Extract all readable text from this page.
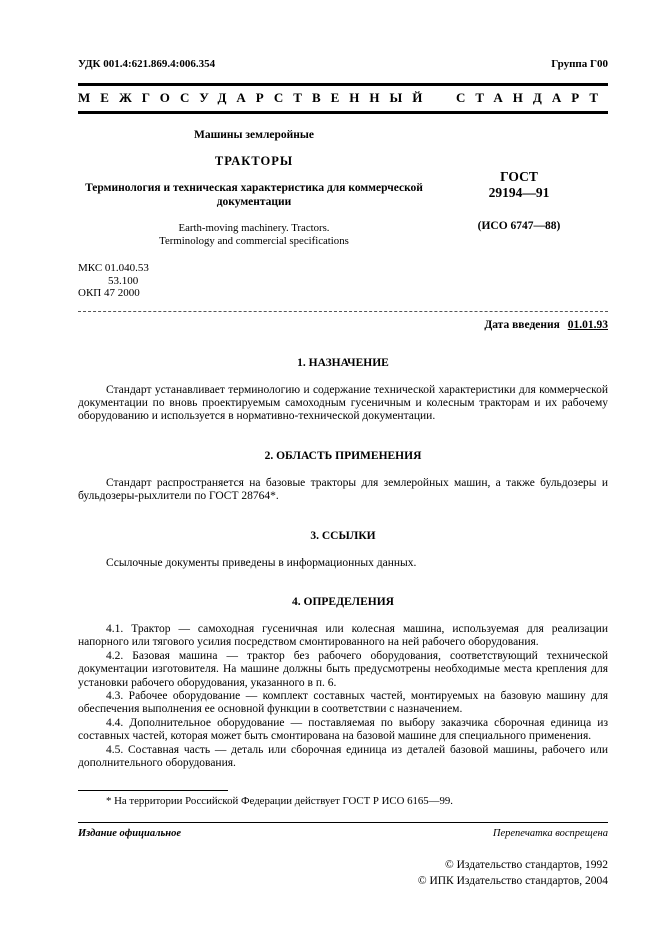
УДК 001.4:621.869.4:006.354	Группа Г00
МЕЖГОСУДАРСТВЕННЫЙ СТАНДАРТ
Машины землеройные
ТРАКТОРЫ
Терминология и техническая характеристика для коммерческой документации
Earth-moving machinery. Tractors.
Terminology and commercial specifications
ГОСТ
29194—91
(ИСО 6747—88)
МКС 01.040.53
53.100
ОКП 47 2000
Дата введения 01.01.93
1. НАЗНАЧЕНИЕ

Стандарт устанавливает терминологию и содержание технической характеристики для коммерческой документации по вновь проектируемым самоходным гусеничным и колесным тракторам и их рабочему оборудованию и используется в нормативно-технической документации.

2. ОБЛАСТЬ ПРИМЕНЕНИЯ

Стандарт распространяется на базовые тракторы для землеройных машин, а также бульдозеры и бульдозеры-рыхлители по ГОСТ 28764*.

3. ССЫЛКИ

Ссылочные документы приведены в информационных данных.

4. ОПРЕДЕЛЕНИЯ

4.1. Трактор — самоходная гусеничная или колесная машина, используемая для реализации напорного или тягового усилия посредством смонтированного на ней рабочего оборудования.

4.2. Базовая машина — трактор без рабочего оборудования, соответствующий технической документации изготовителя. На машине должны быть предусмотрены необходимые места крепления для установки рабочего оборудования, указанного в п. 6.

4.3. Рабочее оборудование — комплект составных частей, монтируемых на базовую машину для обеспечения выполнения ее основной функции в соответствии с назначением.

4.4. Дополнительное оборудование — поставляемая по выбору заказчика сборочная единица из составных частей, которая может быть смонтирована на базовой машине для специального применения.

4.5. Составная часть — деталь или сборочная единица из деталей базовой машины, рабочего или дополнительного оборудования.

* На территории Российской Федерации действует ГОСТ Р ИСО 6165—99.
Издание официальное	Перепечатка воспрещена
© Издательство стандартов, 1992
© ИПК Издательство стандартов, 2004
